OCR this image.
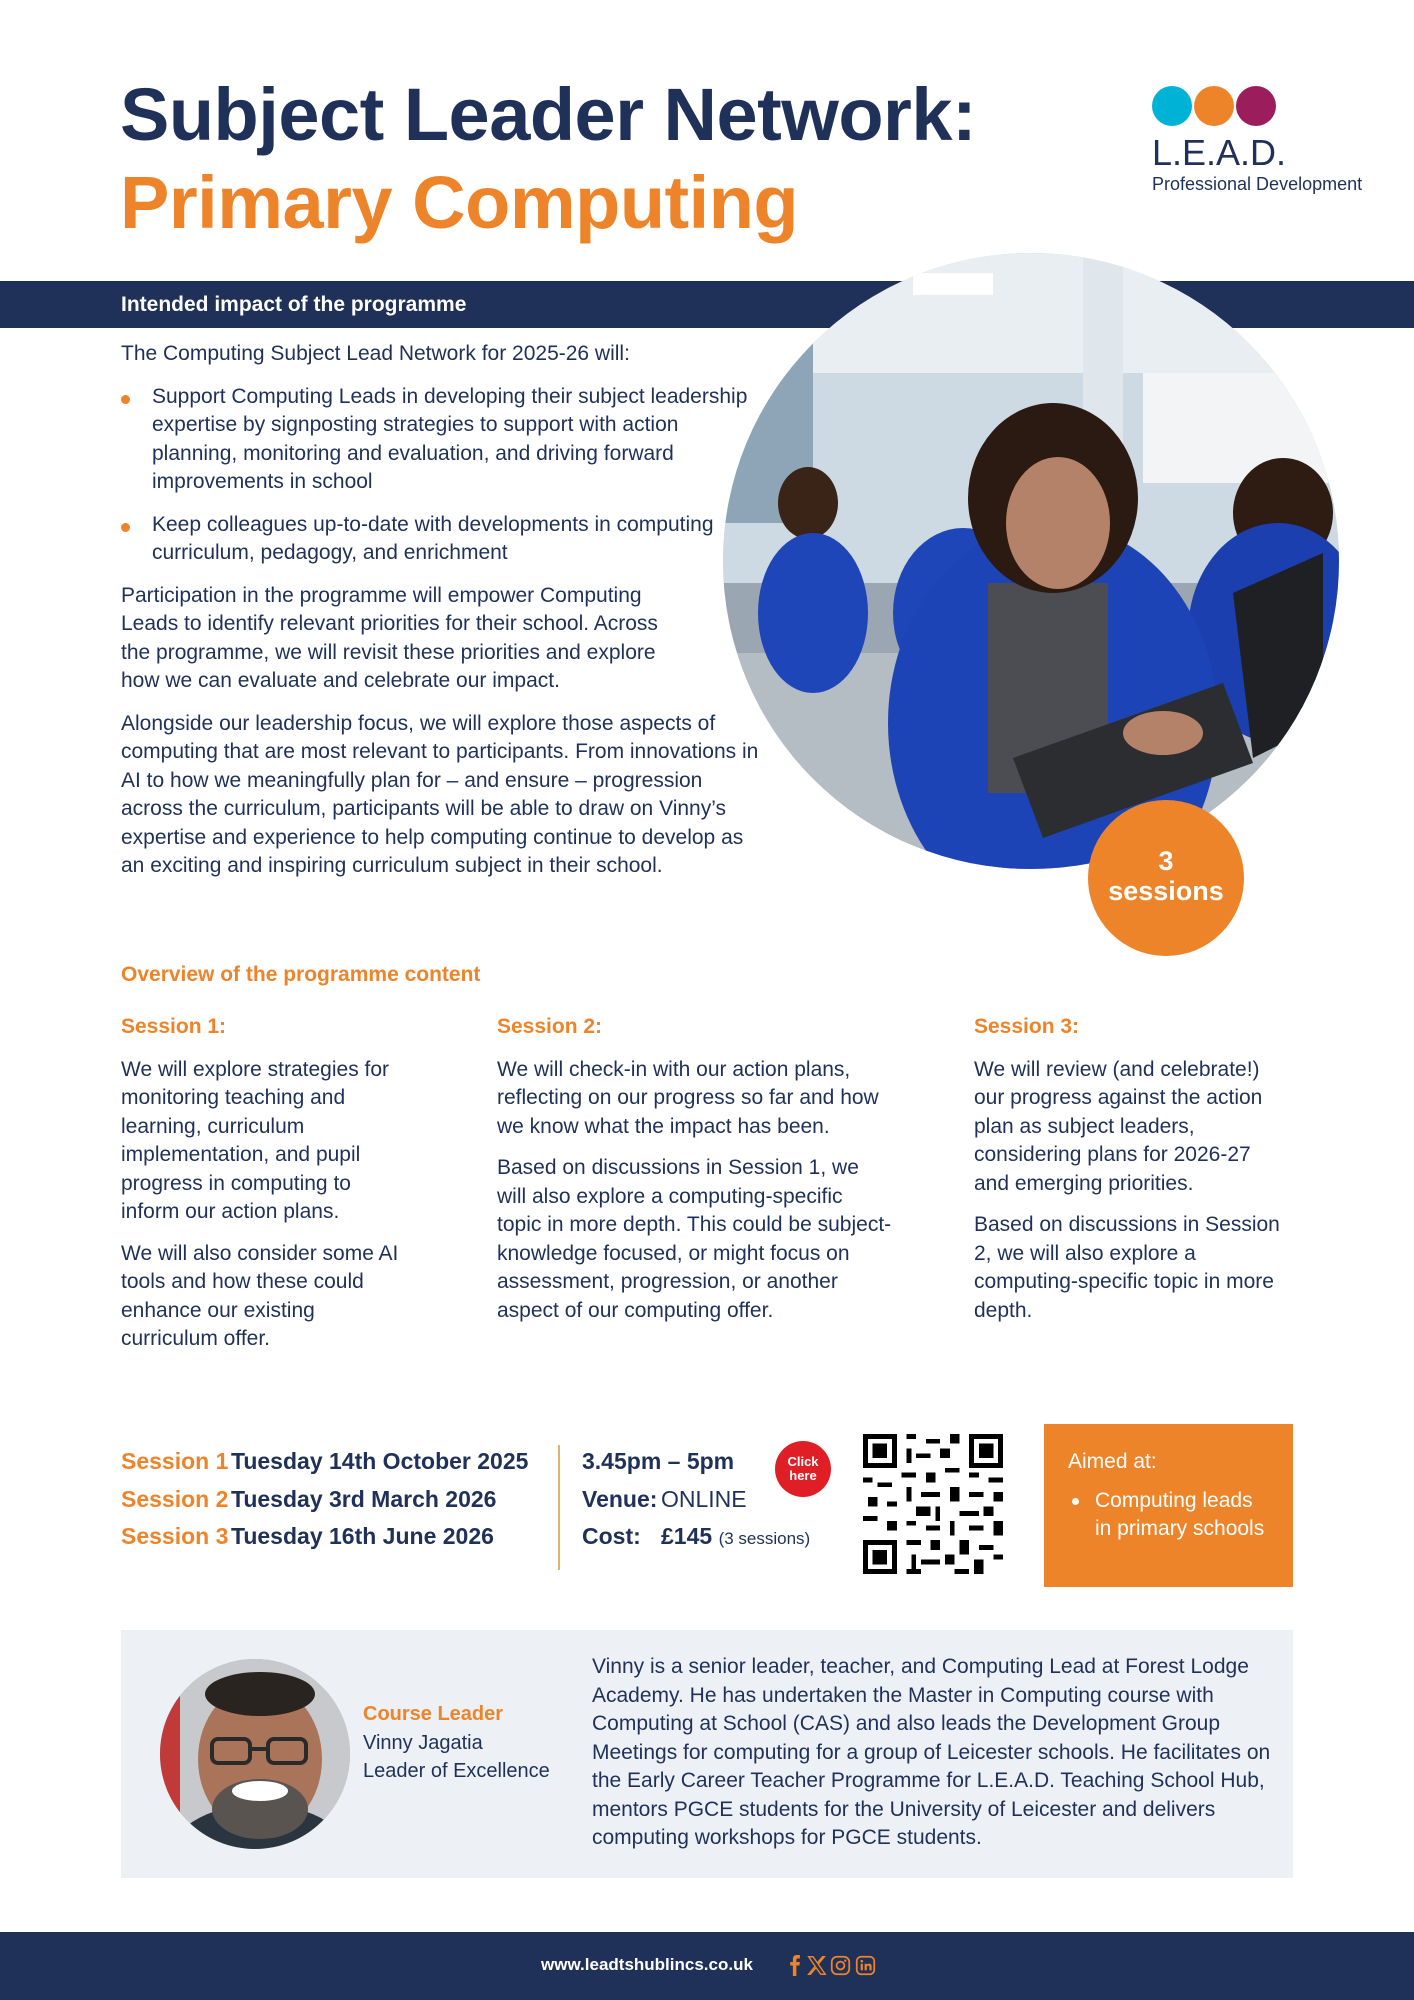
Subject Leader Network:
Primary Computing
L.E.A.D.
Professional Development
Intended impact of the programme
3
sessions

The Computing Subject Lead Network for 2025-26 will:

Support Computing Leads in developing their subject leadership expertise by signposting strategies to support with action planning, monitoring and evaluation, and driving forward improvements in school
Keep colleagues up-to-date with developments in computing curriculum, pedagogy, and enrichment

Participation in the programme will empower Computing Leads to identify relevant priorities for their school. Across the programme, we will revisit these priorities and explore how we can evaluate and celebrate our impact.

Alongside our leadership focus, we will explore those aspects of computing that are most relevant to participants. From innovations in AI to how we meaningfully plan for – and ensure – progression across the curriculum, participants will be able to draw on Vinny’s expertise and experience to help computing continue to develop as an exciting and inspiring curriculum subject in their school.

Overview of the programme content
Session 1:

We will explore strategies for monitoring teaching and learning, curriculum implementation, and pupil progress in computing to inform our action plans.

We will also consider some AI tools and how these could enhance our existing curriculum offer.

Session 2:

We will check-in with our action plans, reflecting on our progress so far and how we know what the impact has been.

Based on discussions in Session 1, we will also explore a computing-specific topic in more depth. This could be subject-knowledge focused, or might focus on assessment, progression, or another aspect of our computing offer.

Session 3:

We will review (and celebrate!) our progress against the action plan as subject leaders, considering plans for 2026-27 and emerging priorities.

Based on discussions in Session 2, we will also explore a computing-specific topic in more depth.

Session 1 Tuesday 14th October 2025
Session 2 Tuesday 3rd March 2026
Session 3 Tuesday 16th June 2026
3.45pm – 5pm
Venue: ONLINE
Cost: £145 (3 sessions)
Click
here
Aimed at:
Computing leads in primary schools
Course Leader
Vinny Jagatia
Leader of Excellence
Vinny is a senior leader, teacher, and Computing Lead at Forest Lodge Academy. He has undertaken the Master in Computing course with Computing at School (CAS) and also leads the Development Group Meetings for computing for a group of Leicester schools. He facilitates on the Early Career Teacher Programme for L.E.A.D. Teaching School Hub, mentors PGCE students for the University of Leicester and delivers computing workshops for PGCE students.
www.leadtshublincs.co.uk
